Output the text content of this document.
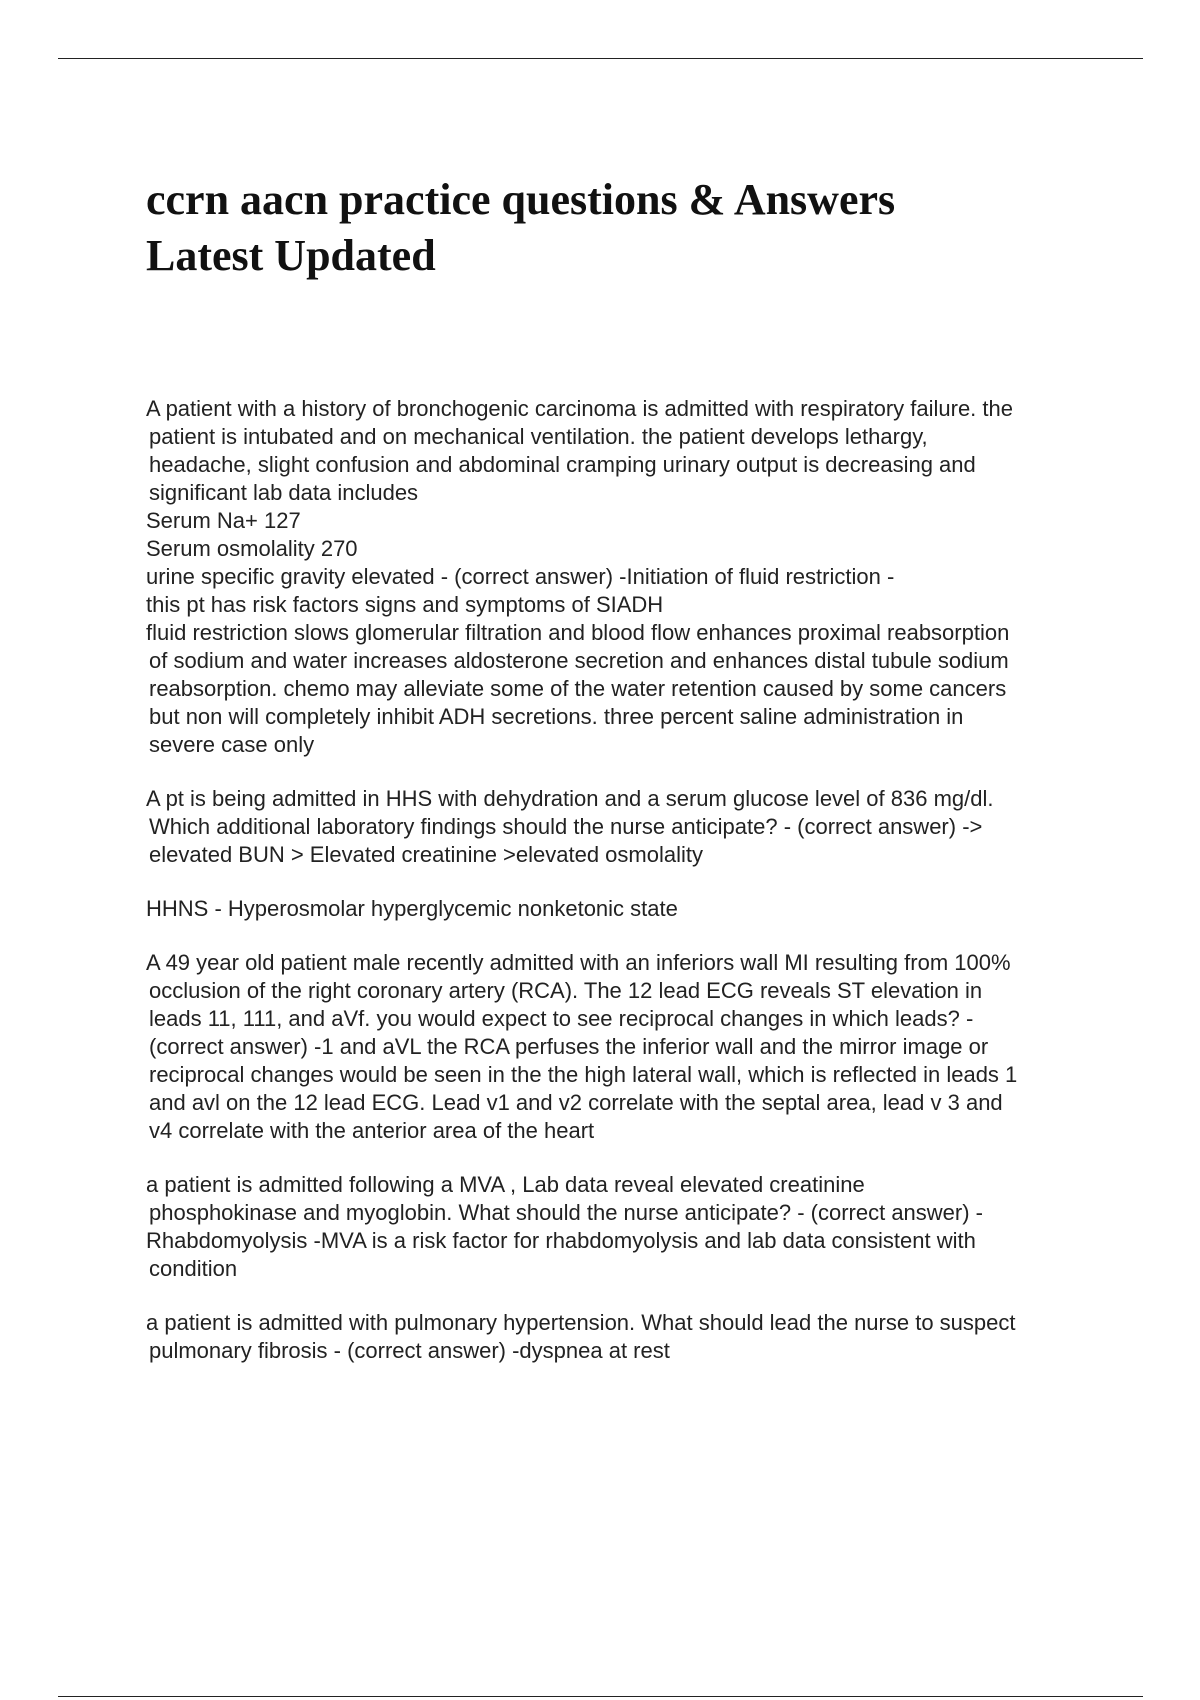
ccrn aacn practice questions & Answers
Latest Updated
A patient with a history of bronchogenic carcinoma is admitted with respiratory failure. the
patient is intubated and on mechanical ventilation. the patient develops lethargy,
headache, slight confusion and abdominal cramping urinary output is decreasing and
significant lab data includes
Serum Na+ 127
Serum osmolality 270
urine specific gravity elevated - (correct answer) -Initiation of fluid restriction -
this pt has risk factors signs and symptoms of SIADH
fluid restriction slows glomerular filtration and blood flow enhances proximal reabsorption
of sodium and water increases aldosterone secretion and enhances distal tubule sodium
reabsorption. chemo may alleviate some of the water retention caused by some cancers
but non will completely inhibit ADH secretions. three percent saline administration in
severe case only
A pt is being admitted in HHS with dehydration and a serum glucose level of 836 mg/dl.
Which additional laboratory findings should the nurse anticipate? - (correct answer) ->
elevated BUN > Elevated creatinine >elevated osmolality
HHNS - Hyperosmolar hyperglycemic nonketonic state
A 49 year old patient male recently admitted with an inferiors wall MI resulting from 100%
occlusion of the right coronary artery (RCA). The 12 lead ECG reveals ST elevation in
leads 11, 111, and aVf. you would expect to see reciprocal changes in which leads? -
(correct answer) -1 and aVL the RCA perfuses the inferior wall and the mirror image or
reciprocal changes would be seen in the the high lateral wall, which is reflected in leads 1
and avl on the 12 lead ECG. Lead v1 and v2 correlate with the septal area, lead v 3 and
v4 correlate with the anterior area of the heart
a patient is admitted following a MVA , Lab data reveal elevated creatinine
phosphokinase and myoglobin. What should the nurse anticipate? - (correct answer) -
Rhabdomyolysis -MVA is a risk factor for rhabdomyolysis and lab data consistent with
condition
a patient is admitted with pulmonary hypertension. What should lead the nurse to suspect
pulmonary fibrosis - (correct answer) -dyspnea at rest
